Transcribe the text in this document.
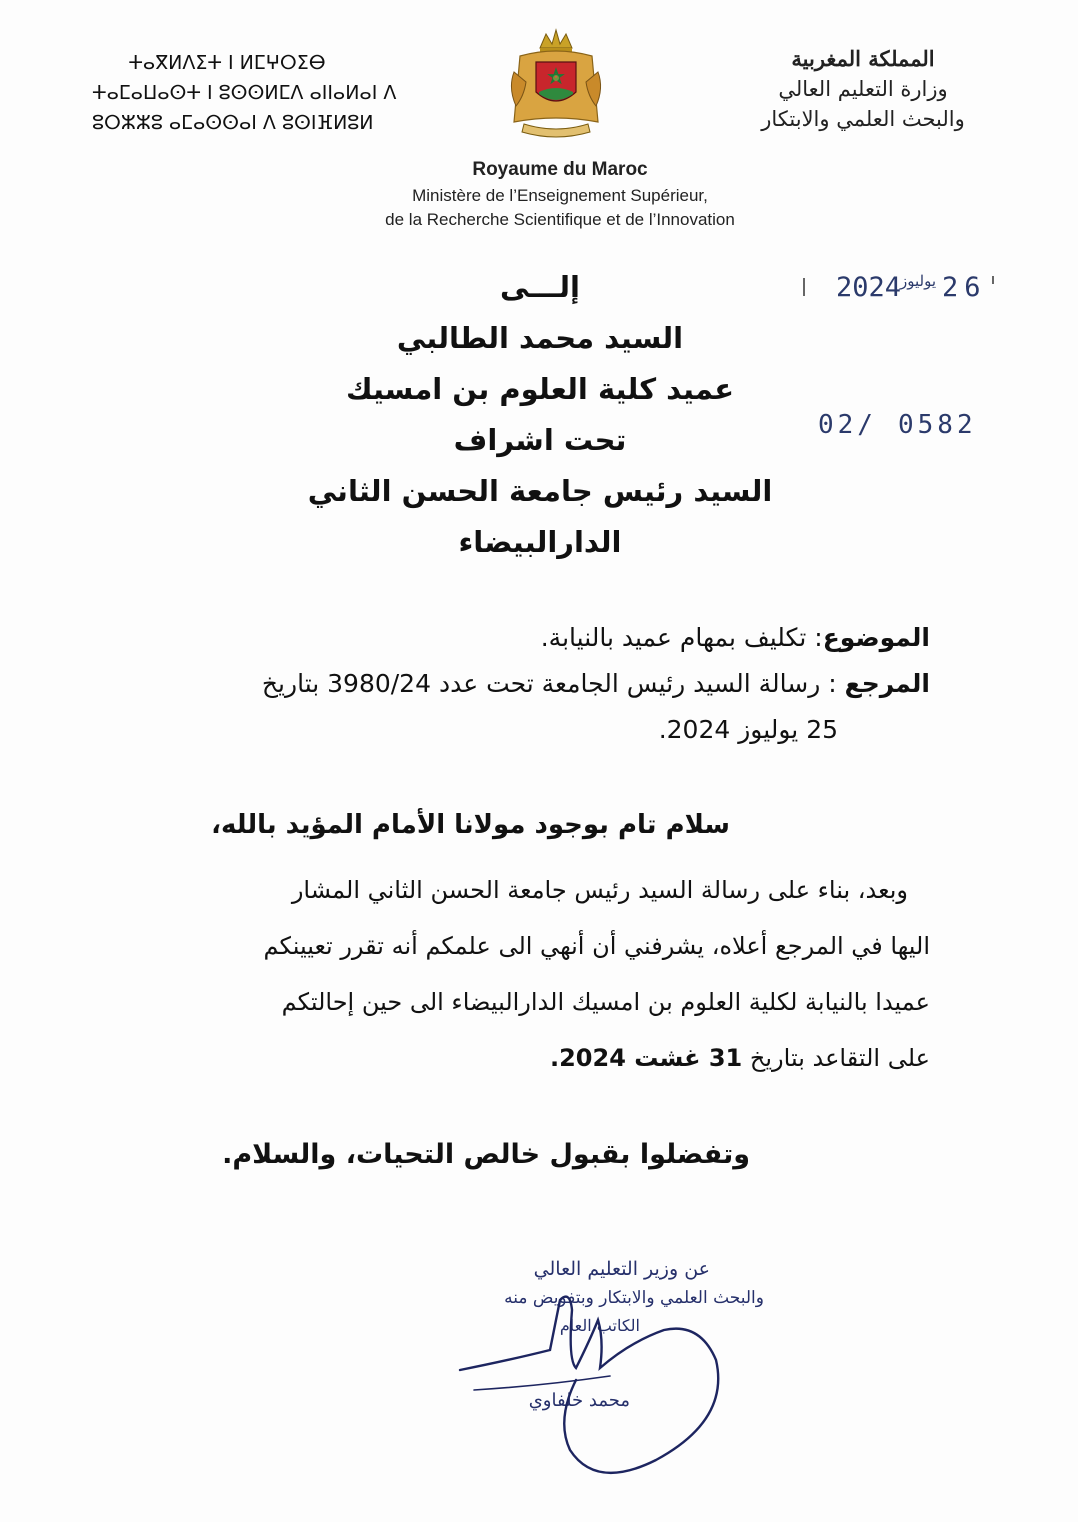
ⵜⴰⴳⵍⴷⵉⵜ ⵏ ⵍⵎⵖⵔⵉⴱ
ⵜⴰⵎⴰⵡⴰⵙⵜ ⵏ ⵓⵙⵙⵍⵎⴷ ⴰⵏⵏⴰⵍⴰⵏ ⴷ
ⵓⵔⵣⵣⵓ ⴰⵎⴰⵙⵙⴰⵏ ⴷ ⵓⵙⵏⴼⵍⵓⵍ
المملكة المغربية
وزارة التعليم العالي
والبحث العلمي والابتكار
Royaume du Maroc
Ministère de l’Enseignement Supérieur,
de la Recherche Scientifique et de l’Innovation
2024
يوليوز 26
02/ 0582
إلـــى
السيد محمد الطالبي
عميد كلية العلوم بن امسيك
تحت اشراف
السيد رئيس جامعة الحسن الثاني
الدارالبيضاء
الموضوع: تكليف بمهام عميد بالنيابة.
المرجع : رسالة السيد رئيس الجامعة تحت عدد 3980/24 بتاريخ
25 يوليوز 2024.
سلام تام بوجود مولانا الأمام المؤيد بالله،
وبعد، بناء على رسالة السيد رئيس جامعة الحسن الثاني المشار
اليها في المرجع أعلاه، يشرفني أن أنهي الى علمكم أنه تقرر تعيينكم
عميدا بالنيابة لكلية العلوم بن امسيك الدارالبيضاء الى حين إحالتكم
على التقاعد بتاريخ 31 غشت 2024.
وتفضلوا بقبول خالص التحيات، والسلام.
عن وزير التعليم العالي
والبحث العلمي والابتكار وبتفويض منه
الكاتب العام
محمد خلفاوي
